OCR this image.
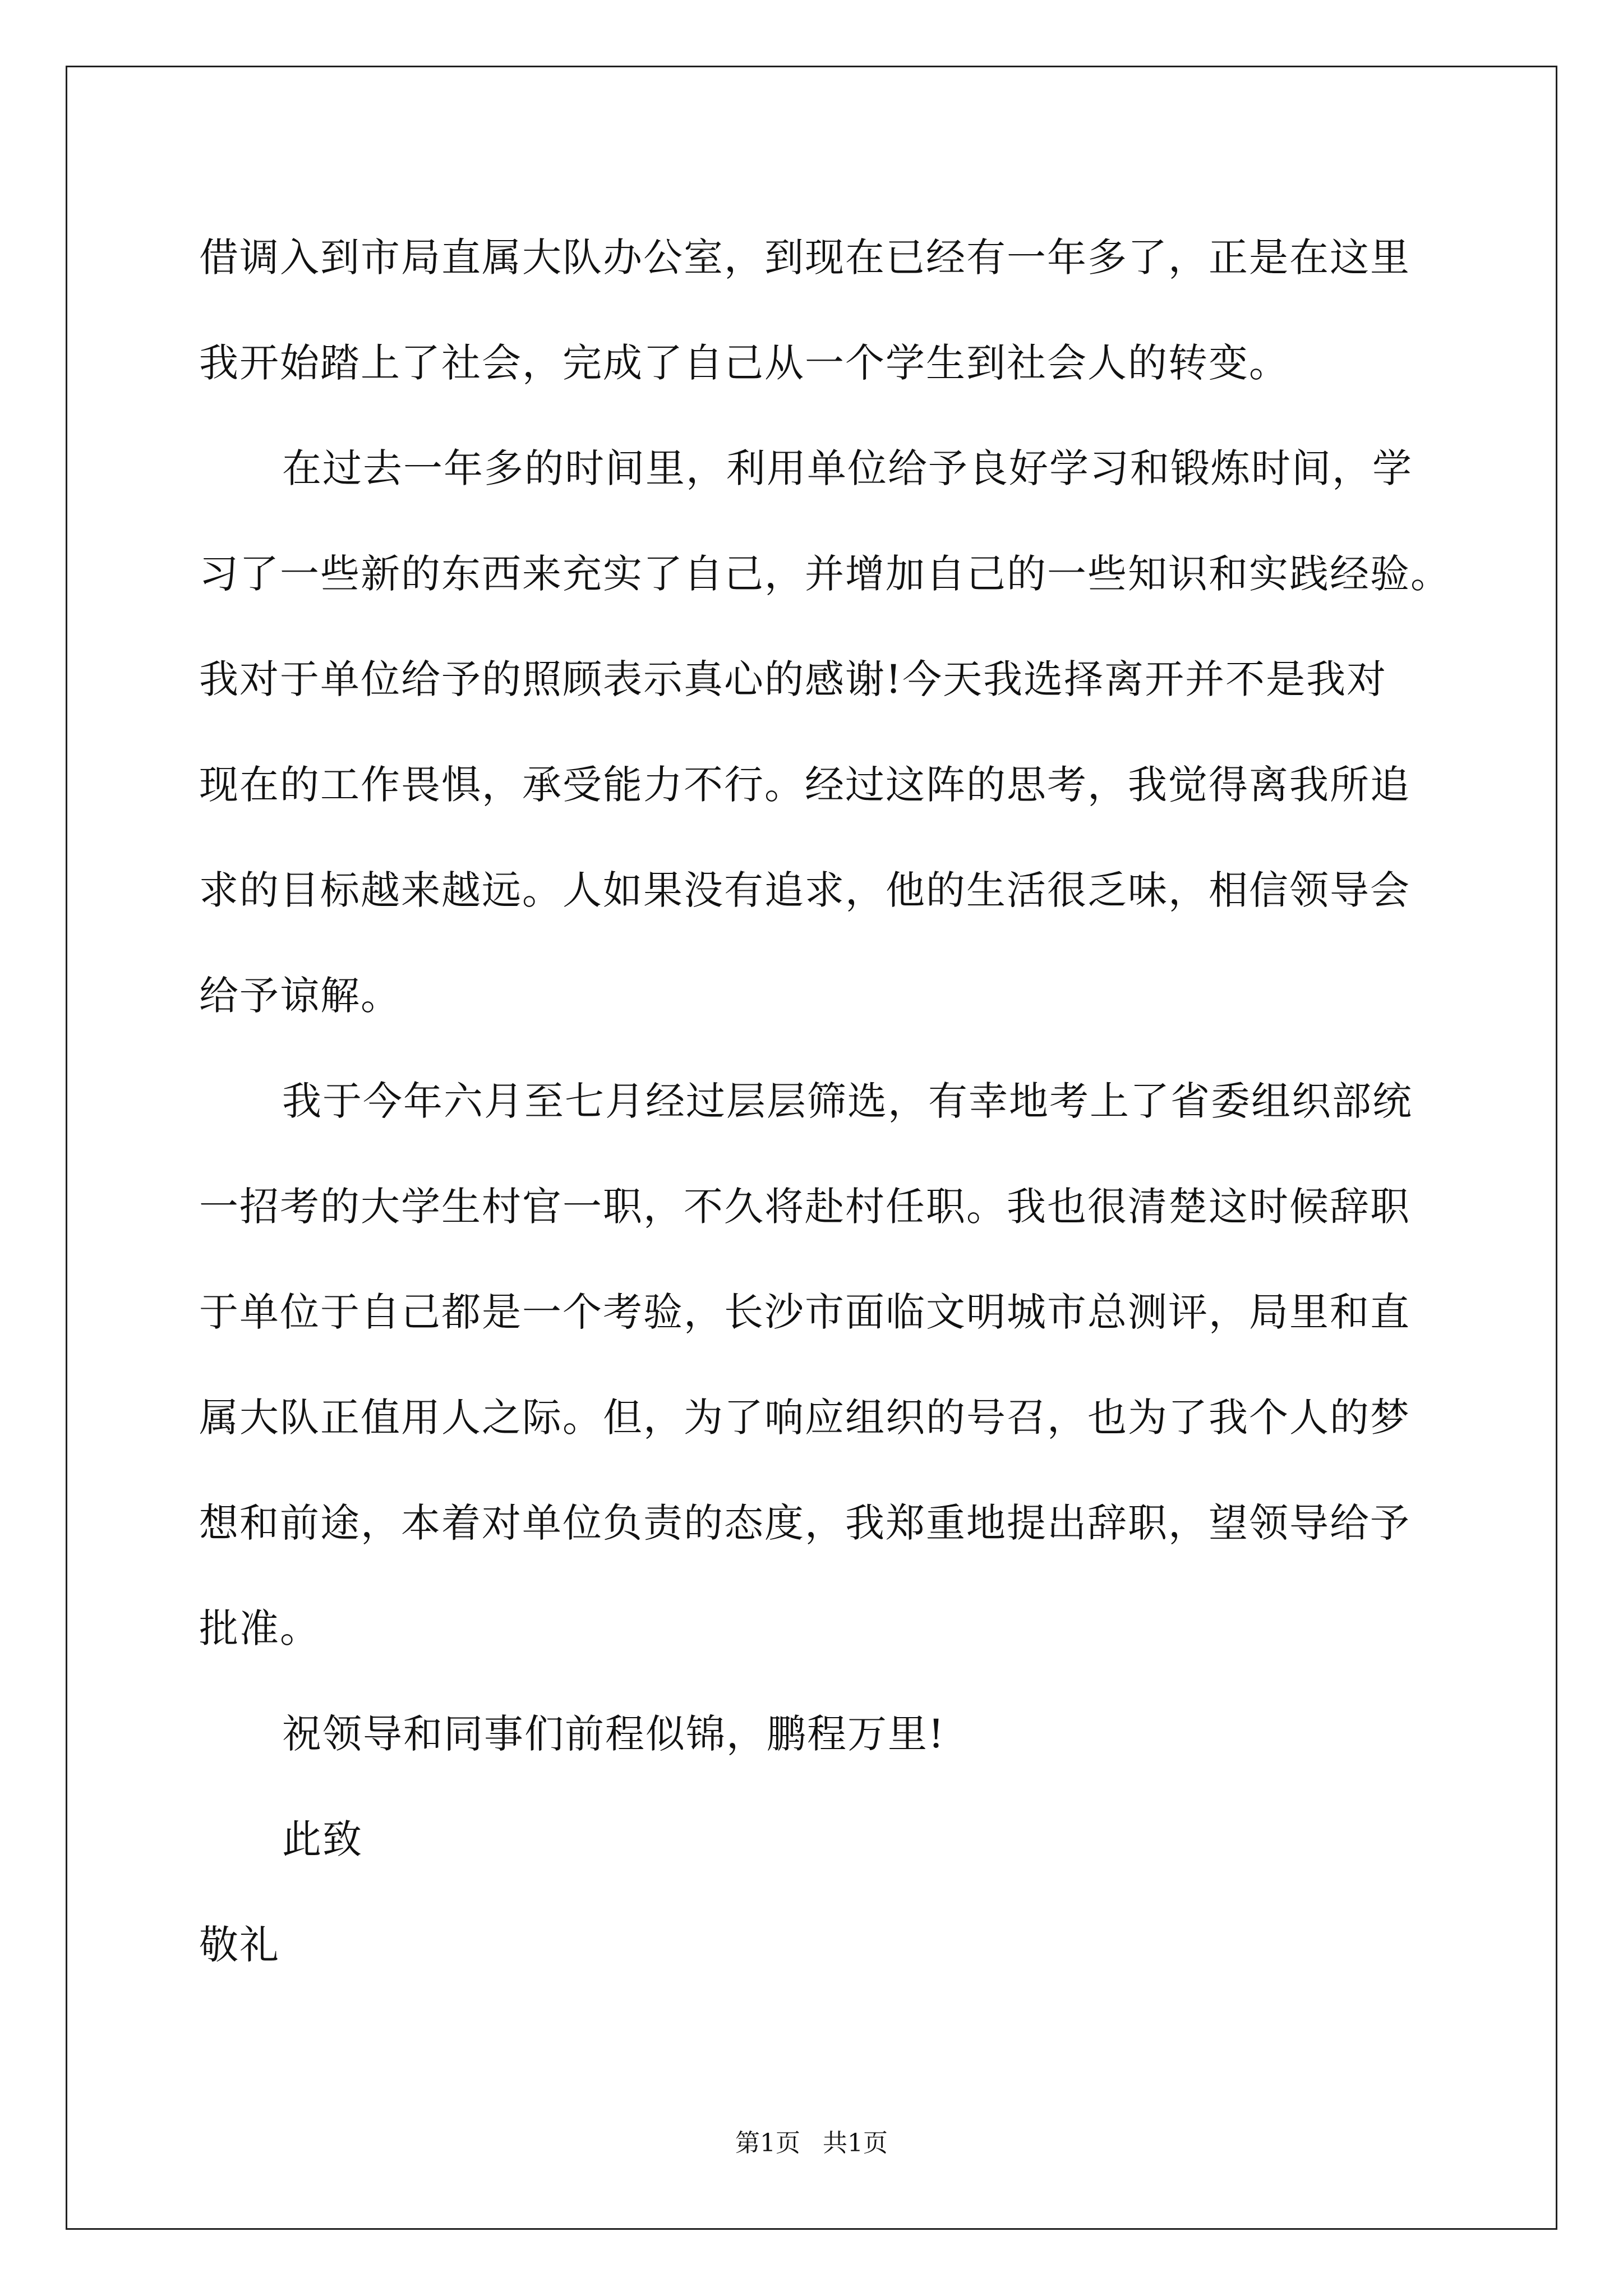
借调入到市局直属大队办公室，到现在已经有一年多了，正是在这里
我开始踏上了社会，完成了自己从一个学生到社会人的转变。
在过去一年多的时间里，利用单位给予良好学习和锻炼时间，学
习了一些新的东西来充实了自己，并增加自己的一些知识和实践经验。
我对于单位给予的照顾表示真心的感谢!今天我选择离开并不是我对
现在的工作畏惧，承受能力不行。经过这阵的思考，我觉得离我所追
求的目标越来越远。人如果没有追求，他的生活很乏味，相信领导会
给予谅解。
我于今年六月至七月经过层层筛选，有幸地考上了省委组织部统
一招考的大学生村官一职，不久将赴村任职。我也很清楚这时候辞职
于单位于自己都是一个考验，长沙市面临文明城市总测评，局里和直
属大队正值用人之际。但，为了响应组织的号召，也为了我个人的梦
想和前途，本着对单位负责的态度，我郑重地提出辞职，望领导给予
批准。
祝领导和同事们前程似锦，鹏程万里!
此致
敬礼
第1页 共1页
